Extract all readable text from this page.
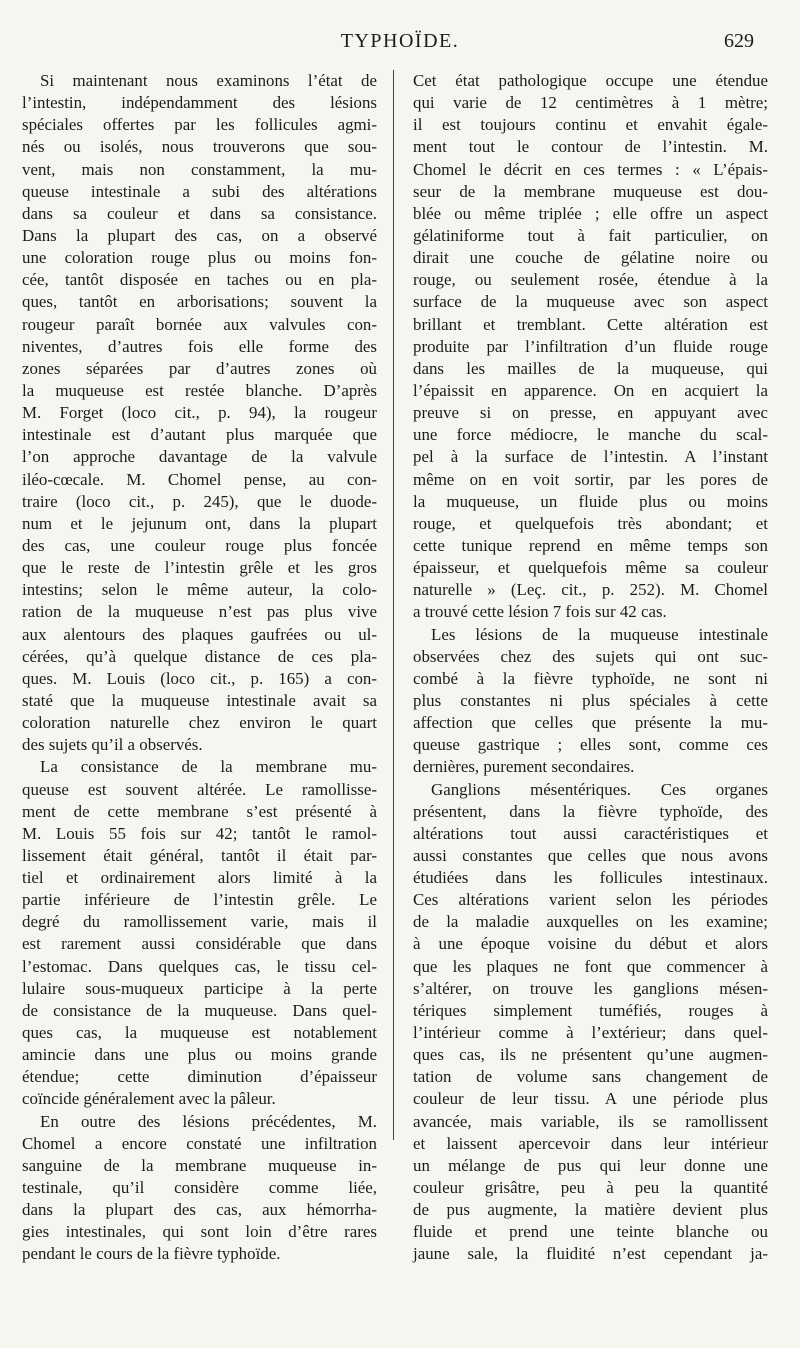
TYPHOÏDE.	629
Si maintenant nous examinons l’état de
l’intestin, indépendamment des lésions
spéciales offertes par les follicules agmi-
nés ou isolés, nous trouverons que sou-
vent, mais non constamment, la mu-
queuse intestinale a subi des altérations
dans sa couleur et dans sa consistance.
Dans la plupart des cas, on a observé
une coloration rouge plus ou moins fon-
cée, tantôt disposée en taches ou en pla-
ques, tantôt en arborisations; souvent la
rougeur paraît bornée aux valvules con-
niventes, d’autres fois elle forme des
zones séparées par d’autres zones où
la muqueuse est restée blanche. D’après
M. Forget (loco cit., p. 94), la rougeur
intestinale est d’autant plus marquée que
l’on approche davantage de la valvule
iléo-cœcale. M. Chomel pense, au con-
traire (loco cit., p. 245), que le duode-
num et le jejunum ont, dans la plupart
des cas, une couleur rouge plus foncée
que le reste de l’intestin grêle et les gros
intestins; selon le même auteur, la colo-
ration de la muqueuse n’est pas plus vive
aux alentours des plaques gaufrées ou ul-
cérées, qu’à quelque distance de ces pla-
ques. M. Louis (loco cit., p. 165) a con-
staté que la muqueuse intestinale avait sa
coloration naturelle chez environ le quart
des sujets qu’il a observés.
La consistance de la membrane mu-
queuse est souvent altérée. Le ramollisse-
ment de cette membrane s’est présenté à
M. Louis 55 fois sur 42; tantôt le ramol-
lissement était général, tantôt il était par-
tiel et ordinairement alors limité à la
partie inférieure de l’intestin grêle. Le
degré du ramollissement varie, mais il
est rarement aussi considérable que dans
l’estomac. Dans quelques cas, le tissu cel-
lulaire sous-muqueux participe à la perte
de consistance de la muqueuse. Dans quel-
ques cas, la muqueuse est notablement
amincie dans une plus ou moins grande
étendue; cette diminution d’épaisseur
coïncide généralement avec la pâleur.
En outre des lésions précédentes, M.
Chomel a encore constaté une infiltration
sanguine de la membrane muqueuse in-
testinale, qu’il considère comme liée,
dans la plupart des cas, aux hémorrha-
gies intestinales, qui sont loin d’être rares
pendant le cours de la fièvre typhoïde.
Cet état pathologique occupe une étendue
qui varie de 12 centimètres à 1 mètre;
il est toujours continu et envahit égale-
ment tout le contour de l’intestin. M.
Chomel le décrit en ces termes : « L’épais-
seur de la membrane muqueuse est dou-
blée ou même triplée ; elle offre un aspect
gélatiniforme tout à fait particulier, on
dirait une couche de gélatine noire ou
rouge, ou seulement rosée, étendue à la
surface de la muqueuse avec son aspect
brillant et tremblant. Cette altération est
produite par l’infiltration d’un fluide rouge
dans les mailles de la muqueuse, qui
l’épaissit en apparence. On en acquiert la
preuve si on presse, en appuyant avec
une force médiocre, le manche du scal-
pel à la surface de l’intestin. A l’instant
même on en voit sortir, par les pores de
la muqueuse, un fluide plus ou moins
rouge, et quelquefois très abondant; et
cette tunique reprend en même temps son
épaisseur, et quelquefois même sa couleur
naturelle » (Leç. cit., p. 252). M. Chomel
a trouvé cette lésion 7 fois sur 42 cas.
Les lésions de la muqueuse intestinale
observées chez des sujets qui ont suc-
combé à la fièvre typhoïde, ne sont ni
plus constantes ni plus spéciales à cette
affection que celles que présente la mu-
queuse gastrique ; elles sont, comme ces
dernières, purement secondaires.
Ganglions mésentériques. Ces organes
présentent, dans la fièvre typhoïde, des
altérations tout aussi caractéristiques et
aussi constantes que celles que nous avons
étudiées dans les follicules intestinaux.
Ces altérations varient selon les périodes
de la maladie auxquelles on les examine;
à une époque voisine du début et alors
que les plaques ne font que commencer à
s’altérer, on trouve les ganglions mésen-
tériques simplement tuméfiés, rouges à
l’intérieur comme à l’extérieur; dans quel-
ques cas, ils ne présentent qu’une augmen-
tation de volume sans changement de
couleur de leur tissu. A une période plus
avancée, mais variable, ils se ramollissent
et laissent apercevoir dans leur intérieur
un mélange de pus qui leur donne une
couleur grisâtre, peu à peu la quantité
de pus augmente, la matière devient plus
fluide et prend une teinte blanche ou
jaune sale, la fluidité n’est cependant ja-
